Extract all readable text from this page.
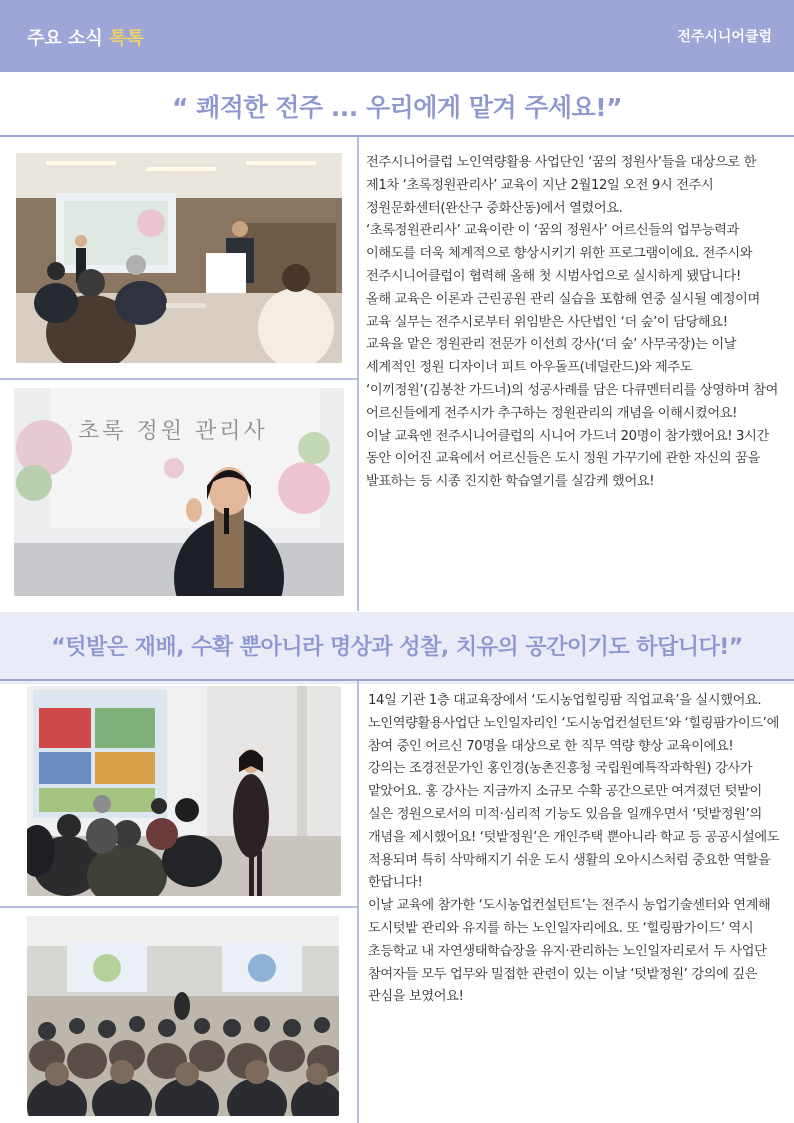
주요 소식 톡톡	전주시니어클럽
“ 쾌적한 전주 ... 우리에게 맡겨 주세요!”
초록 정원 관리사

전주시니어클럽 노인역량활용 사업단인 ‘꿈의 정원사’들을 대상으로 한 제1차 ‘초록정원관리사’ 교육이 지난 2월12일 오전 9시 전주시 정원문화센터(완산구 중화산동)에서 열렸어요.

‘초록정원관리사’ 교육이란 이 ‘꿈의 정원사’ 어르신들의 업무능력과 이해도를 더욱 체계적으로 향상시키기 위한 프로그램이에요. 전주시와 전주시니어클럽이 협력해 올해 첫 시범사업으로 실시하게 됐답니다!

올해 교육은 이론과 근린공원 관리 실습을 포함해 연중 실시될 예정이며 교육 실무는 전주시로부터 위임받은 사단법인 ‘더 숲’이 담당해요!

교육을 맡은 정원관리 전문가 이선희 강사(‘더 숲’ 사무국장)는 이날 세계적인 정원 디자이너 피트 아우돌프(네덜란드)와 제주도 ‘이끼정원’(김봉찬 가드너)의 성공사례를 담은 다큐멘터리를 상영하며 참여 어르신들에게 전주시가 추구하는 정원관리의 개념을 이해시켰어요!

이날 교육엔 전주시니어클럽의 시니어 가드너 20명이 참가했어요! 3시간 동안 이어진 교육에서 어르신들은 도시 정원 가꾸기에 관한 자신의 꿈을 발표하는 등 시종 진지한 학습열기를 실감케 했어요!

“텃밭은 재배, 수확 뿐아니라 명상과 성찰, 치유의 공간이기도 하답니다!”

14일 기관 1층 대교육장에서 ‘도시농업힐링팜 직업교육’을 실시했어요. 노인역량활용사업단 노인일자리인 ‘도시농업컨설턴트’와 ‘힐링팜가이드’에 참여 중인 어르신 70명을 대상으로 한 직무 역량 향상 교육이에요!

강의는 조경전문가인 홍인경(농촌진흥청 국립원예특작과학원) 강사가 맡았어요. 홍 강사는 지금까지 소규모 수확 공간으로만 여겨졌던 텃밭이 실은 정원으로서의 미적·심리적 기능도 있음을 일깨우면서 ‘텃밭정원’의 개념을 제시했어요! ‘텃밭정원’은 개인주택 뿐아니라 학교 등 공공시설에도 적용되며 특히 삭막해지기 쉬운 도시 생활의 오아시스처럼 중요한 역할을 한답니다!

이날 교육에 참가한 ‘도시농업컨설턴트’는 전주시 농업기술센터와 연계해 도시텃밭 관리와 유지를 하는 노인일자리에요. 또 ‘힐링팜가이드’ 역시 초등학교 내 자연생태학습장을 유지·관리하는 노인일자리로서 두 사업단 참여자들 모두 업무와 밀접한 관련이 있는 이날 ‘텃밭정원’ 강의에 깊은 관심을 보였어요!
